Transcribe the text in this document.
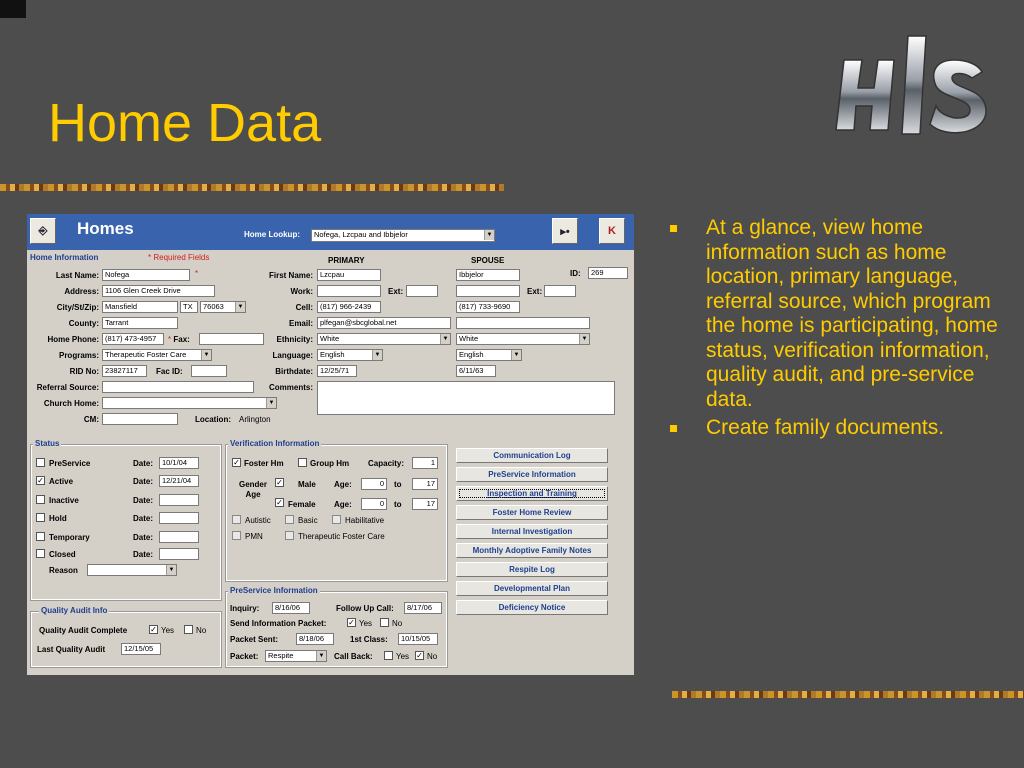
Home Data
HIS
At a glance, view home information such as home location, primary language, referral source, which program the home is participating, home status, verification information, quality audit, and pre-service data.
Create family documents.
⎆	Homes	Home Lookup:	Nofega, Lzcpau and Ibbjelor	▼	▸•	K
Home Information	* Required Fields	PRIMARY	SPOUSE
ID:	269
Last Name: Nofega	*
Address: 1106 Glen Creek Drive
City/St/Zip: Mansfield	TX	76063	▼
County: Tarrant
Home Phone: (817) 473-4957	* Fax:
Programs: Therapeutic Foster Care	▼
RID No: 23827117	Fac ID:
Referral Source:
Church Home:	▼
CM:	Location: Arlington
First Name: Lzcpau	Ibbjelor
Work:	Ext:	Ext:
Cell: (817) 966-2439	(817) 733-9690
Email: plfegan@sbcglobal.net
Ethnicity: White	▼	White	▼
Language: English	▼	English	▼
Birthdate: 12/25/71	6/11/63
Comments:
Status
PreService	Date:	10/1/04
✓ Active	Date:	12/21/04
Inactive	Date:
Hold	Date:
Temporary	Date:
Closed	Date:
Reason	▼
Quality Audit Info
Quality Audit Complete	✓ Yes	No
Last Quality Audit	12/15/05
Verification Information
✓ Foster Hm	Group Hm Capacity:	1
Gender Age
✓ Male Age:	0	to	17
✓ Female Age:	0	to	17
Autistic	Basic	Habilitative
PMN	Therapeutic Foster Care
PreService Information
Inquiry:	8/16/06	Follow Up Call:	8/17/06
Send Information Packet:	✓ Yes No
Packet Sent:	8/18/06	1st Class:	10/15/05
Packet:	Respite	▼ Call Back:	Yes ✓ No
Communication Log
PreService Information
Inspection and Training
Foster Home Review
Internal Investigation
Monthly Adoptive Family Notes
Respite Log
Developmental Plan
Deficiency Notice
